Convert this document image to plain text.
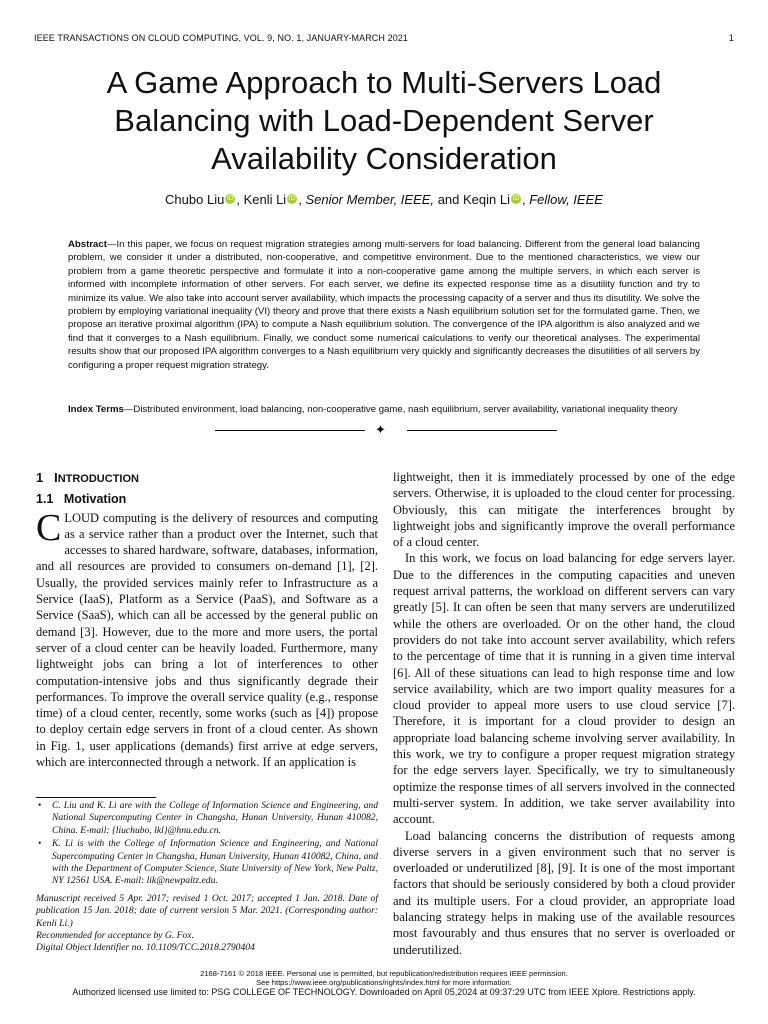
IEEE TRANSACTIONS ON CLOUD COMPUTING, VOL. 9, NO. 1, JANUARY-MARCH 2021	1
A Game Approach to Multi-Servers Load Balancing with Load-Dependent Server Availability Consideration
Chubo Liu iD , Kenli Li iD , Senior Member, IEEE, and Keqin Li iD , Fellow, IEEE
Abstract—In this paper, we focus on request migration strategies among multi-servers for load balancing. Different from the general load balancing problem, we consider it under a distributed, non-cooperative, and competitive environment. Due to the mentioned characteristics, we view our problem from a game theoretic perspective and formulate it into a non-cooperative game among the multiple servers, in which each server is informed with incomplete information of other servers. For each server, we define its expected response time as a disutility function and try to minimize its value. We also take into account server availability, which impacts the processing capacity of a server and thus its disutility. We solve the problem by employing variational inequality (VI) theory and prove that there exists a Nash equilibrium solution set for the formulated game. Then, we propose an iterative proximal algorithm (IPA) to compute a Nash equilibrium solution. The convergence of the IPA algorithm is also analyzed and we find that it converges to a Nash equilibrium. Finally, we conduct some numerical calculations to verify our theoretical analyses. The experimental results show that our proposed IPA algorithm converges to a Nash equilibrium very quickly and significantly decreases the disutilities of all servers by configuring a proper request migration strategy.
Index Terms—Distributed environment, load balancing, non-cooperative game, nash equilibrium, server availability, variational inequality theory
✦
1 INTRODUCTION
1.1 Motivation

CLOUD computing is the delivery of resources and computing as a service rather than a product over the Internet, such that accesses to shared hardware, software, databases, information, and all resources are provided to consumers on-demand [1], [2]. Usually, the provided services mainly refer to Infrastructure as a Service (IaaS), Platform as a Service (PaaS), and Software as a Service (SaaS), which can all be accessed by the general public on demand [3]. However, due to the more and more users, the portal server of a cloud center can be heavily loaded. Furthermore, many lightweight jobs can bring a lot of interferences to other computation-intensive jobs and thus significantly degrade their performances. To improve the overall service quality (e.g., response time) of a cloud center, recently, some works (such as [4]) propose to deploy certain edge servers in front of a cloud center. As shown in Fig. 1, user applications (demands) first arrive at edge servers, which are interconnected through a network. If an application is

lightweight, then it is immediately processed by one of the edge servers. Otherwise, it is uploaded to the cloud center for processing. Obviously, this can mitigate the interferences brought by lightweight jobs and significantly improve the overall performance of a cloud center.

In this work, we focus on load balancing for edge servers layer. Due to the differences in the computing capacities and uneven request arrival patterns, the workload on different servers can vary greatly [5]. It can often be seen that many servers are underutilized while the others are overloaded. Or on the other hand, the cloud providers do not take into account server availability, which refers to the percentage of time that it is running in a given time interval [6]. All of these situations can lead to high response time and low service availability, which are two import quality measures for a cloud provider to appeal more users to use cloud service [7]. Therefore, it is important for a cloud provider to design an appropriate load balancing scheme involving server availability. In this work, we try to configure a proper request migration strategy for the edge servers layer. Specifically, we try to simultaneously optimize the response times of all servers involved in the connected multi-server system. In addition, we take server availability into account.

Load balancing concerns the distribution of requests among diverse servers in a given environment such that no server is overloaded or underutilized [8], [9]. It is one of the most important factors that should be seriously considered by both a cloud provider and its multiple users. For a cloud provider, an appropriate load balancing strategy helps in making use of the available resources most favourably and thus ensures that no server is overloaded or underutilized.

• C. Liu and K. Li are with the College of Information Science and Engineering, and National Supercomputing Center in Changsha, Hunan University, Hunan 410082, China. E-mail: {liuchubo, lkl}@hnu.edu.cn.
• K. Li is with the College of Information Science and Engineering, and National Supercomputing Center in Changsha, Hunan University, Hunan 410082, China, and with the Department of Computer Science, State University of New York, New Paltz, NY 12561 USA. E-mail: lik@newpaltz.edu.
Manuscript received 5 Apr. 2017; revised 1 Oct. 2017; accepted 1 Jan. 2018. Date of publication 15 Jan. 2018; date of current version 5 Mar. 2021. (Corresponding author: Kenli Li.)
Recommended for acceptance by G. Fox.
Digital Object Identifier no. 10.1109/TCC.2018.2790404
2168-7161 © 2018 IEEE. Personal use is permitted, but republication/redistribution requires IEEE permission.
See https://www.ieee.org/publications/rights/index.html for more information.
Authorized licensed use limited to: PSG COLLEGE OF TECHNOLOGY. Downloaded on April 05,2024 at 09:37:29 UTC from IEEE Xplore. Restrictions apply.
